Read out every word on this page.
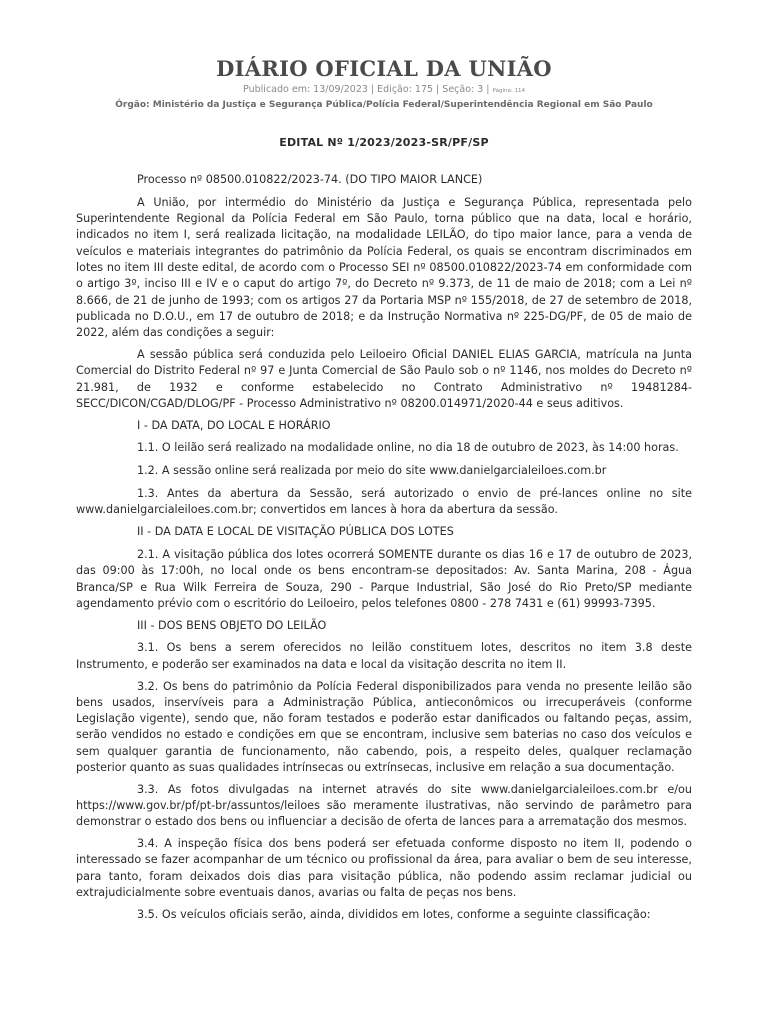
DIÁRIO OFICIAL DA UNIÃO
Publicado em: 13/09/2023 | Edição: 175 | Seção: 3 | Página: 114
Órgão: Ministério da Justiça e Segurança Pública/Polícia Federal/Superintendência Regional em São Paulo
EDITAL Nº 1/2023/2023-SR/PF/SP

Processo nº 08500.010822/2023-74. (DO TIPO MAIOR LANCE)

A União, por intermédio do Ministério da Justiça e Segurança Pública, representada pelo Superintendente Regional da Polícia Federal em São Paulo, torna público que na data, local e horário, indicados no item I, será realizada licitação, na modalidade LEILÃO, do tipo maior lance, para a venda de veículos e materiais integrantes do patrimônio da Polícia Federal, os quais se encontram discriminados em lotes no item III deste edital, de acordo com o Processo SEI nº 08500.010822/2023-74 em conformidade com o artigo 3º, inciso III e IV e o caput do artigo 7º, do Decreto nº 9.373, de 11 de maio de 2018; com a Lei nº 8.666, de 21 de junho de 1993; com os artigos 27 da Portaria MSP nº 155/2018, de 27 de setembro de 2018, publicada no D.O.U., em 17 de outubro de 2018; e da Instrução Normativa nº 225-DG/PF, de 05 de maio de 2022, além das condições a seguir:

A sessão pública será conduzida pelo Leiloeiro Oficial DANIEL ELIAS GARCIA, matrícula na Junta Comercial do Distrito Federal nº 97 e Junta Comercial de São Paulo sob o nº 1146, nos moldes do Decreto nº 21.981, de 1932 e conforme estabelecido no Contrato Administrativo nº 19481284-SECC/DICON/CGAD/DLOG/PF - Processo Administrativo nº 08200.014971/2020-44 e seus aditivos.

I - DA DATA, DO LOCAL E HORÁRIO

1.1. O leilão será realizado na modalidade online, no dia 18 de outubro de 2023, às 14:00 horas.

1.2. A sessão online será realizada por meio do site www.danielgarcialeiloes.com.br

1.3. Antes da abertura da Sessão, será autorizado o envio de pré-lances online no site www.danielgarcialeiloes.com.br; convertidos em lances à hora da abertura da sessão.

II - DA DATA E LOCAL DE VISITAÇÃO PÚBLICA DOS LOTES

2.1. A visitação pública dos lotes ocorrerá SOMENTE durante os dias 16 e 17 de outubro de 2023, das 09:00 às 17:00h, no local onde os bens encontram-se depositados: Av. Santa Marina, 208 - Água Branca/SP e Rua Wilk Ferreira de Souza, 290 - Parque Industrial, São José do Rio Preto/SP mediante agendamento prévio com o escritório do Leiloeiro, pelos telefones 0800 - 278 7431 e (61) 99993-7395.

III - DOS BENS OBJETO DO LEILÃO

3.1. Os bens a serem oferecidos no leilão constituem lotes, descritos no item 3.8 deste Instrumento, e poderão ser examinados na data e local da visitação descrita no item II.

3.2. Os bens do patrimônio da Polícia Federal disponibilizados para venda no presente leilão são bens usados, inservíveis para a Administração Pública, antieconômicos ou irrecuperáveis (conforme Legislação vigente), sendo que, não foram testados e poderão estar danificados ou faltando peças, assim, serão vendidos no estado e condições em que se encontram, inclusive sem baterias no caso dos veículos e sem qualquer garantia de funcionamento, não cabendo, pois, a respeito deles, qualquer reclamação posterior quanto as suas qualidades intrínsecas ou extrínsecas, inclusive em relação a sua documentação.

3.3. As fotos divulgadas na internet através do site www.danielgarcialeiloes.com.br e/ou https://www.gov.br/pf/pt-br/assuntos/leiloes são meramente ilustrativas, não servindo de parâmetro para demonstrar o estado dos bens ou influenciar a decisão de oferta de lances para a arrematação dos mesmos.

3.4. A inspeção física dos bens poderá ser efetuada conforme disposto no item II, podendo o interessado se fazer acompanhar de um técnico ou profissional da área, para avaliar o bem de seu interesse, para tanto, foram deixados dois dias para visitação pública, não podendo assim reclamar judicial ou extrajudicialmente sobre eventuais danos, avarias ou falta de peças nos bens.

3.5. Os veículos oficiais serão, ainda, divididos em lotes, conforme a seguinte classificação:
